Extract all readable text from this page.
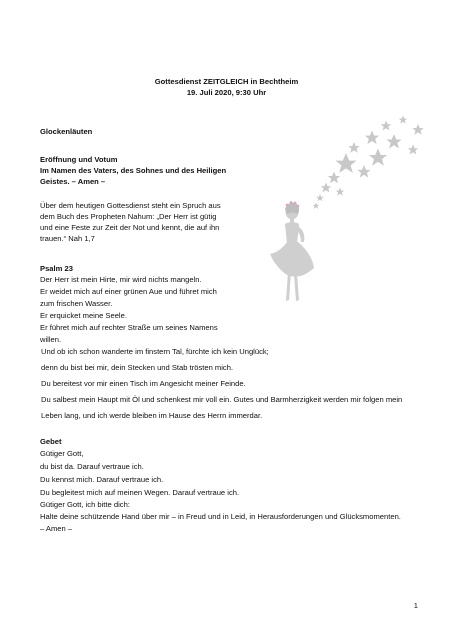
Gottesdienst ZEITGLEICH in Bechtheim
19. Juli 2020, 9:30 Uhr
Glockenläuten
Eröffnung und Votum
Im Namen des Vaters, des Sohnes und des Heiligen
Geistes. – Amen –
Über dem heutigen Gottesdienst steht ein Spruch aus
dem Buch des Propheten Nahum: „Der Herr ist gütig
und eine Feste zur Zeit der Not und kennt, die auf ihn
trauen.“ Nah 1,7
Psalm 23
Der Herr ist mein Hirte, mir wird nichts mangeln.
Er weidet mich auf einer grünen Aue und führet mich
zum frischen Wasser.
Er erquicket meine Seele.
Er führet mich auf rechter Straße um seines Namens
willen.
Und ob ich schon wanderte im finstern Tal, fürchte ich kein Unglück;
denn du bist bei mir, dein Stecken und Stab trösten mich.
Du bereitest vor mir einen Tisch im Angesicht meiner Feinde.
Du salbest mein Haupt mit Öl und schenkest mir voll ein. Gutes und Barmherzigkeit werden mir folgen mein
Leben lang, und ich werde bleiben im Hause des Herrn immerdar.
Gebet
Gütiger Gott,
du bist da. Darauf vertraue ich.
Du kennst mich. Darauf vertraue ich.
Du begleitest mich auf meinen Wegen. Darauf vertraue ich.
Gütiger Gott, ich bitte dich:
Halte deine schützende Hand über mir – in Freud und in Leid, in Herausforderungen und Glücksmomenten.
– Amen –
1
